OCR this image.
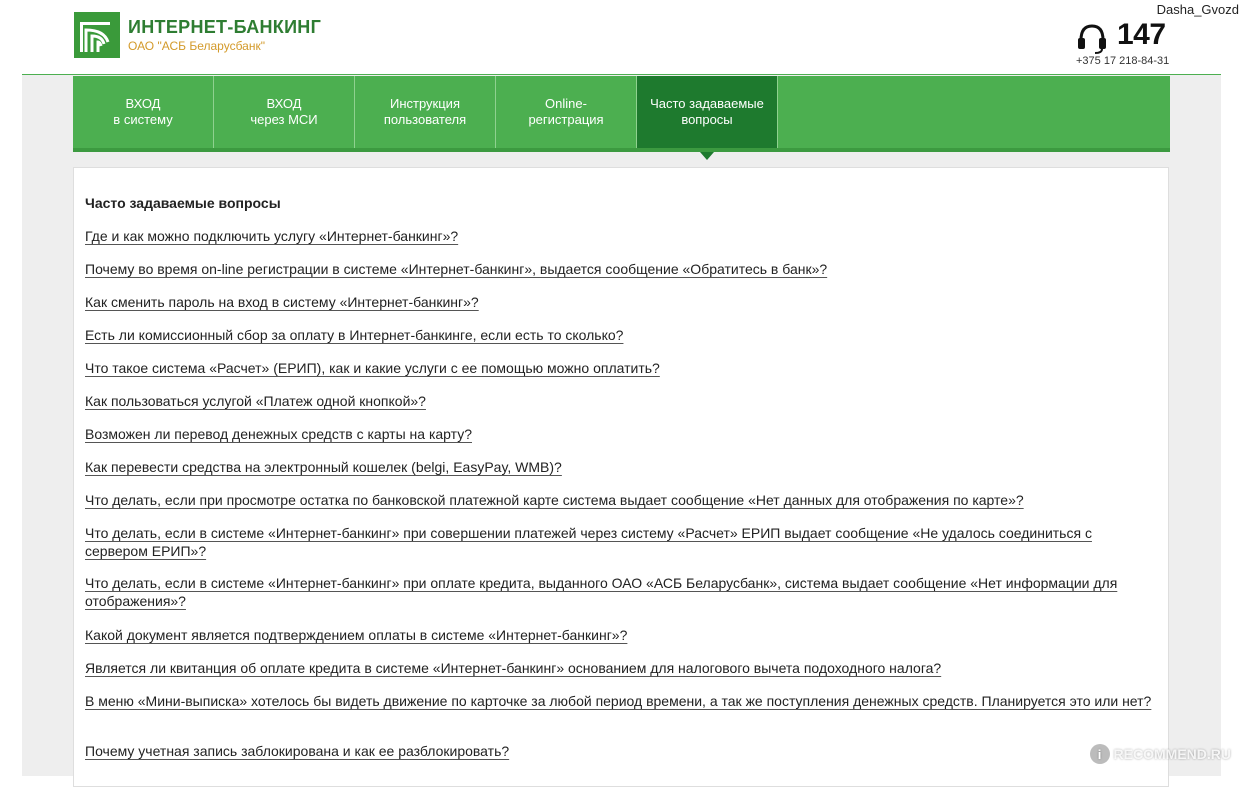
ИНТЕРНЕТ-БАНКИНГ
ОАО "АСБ Беларусбанк"
Dasha_Gvozd
147
+375 17 218-84-31
ВХОД
в систему
ВХОД
через МСИ
Инструкция
пользователя
Online-
регистрация
Часто задаваемые
вопросы
Часто задаваемые вопросы
Где и как можно подключить услугу «Интернет-банкинг»?
Почему во время on-line регистрации в системе «Интернет-банкинг», выдается сообщение «Обратитесь в банк»?
Как сменить пароль на вход в систему «Интернет-банкинг»?
Есть ли комиссионный сбор за оплату в Интернет-банкинге, если есть то сколько?
Что такое система «Расчет» (ЕРИП), как и какие услуги с ее помощью можно оплатить?
Как пользоваться услугой «Платеж одной кнопкой»?
Возможен ли перевод денежных средств с карты на карту?
Как перевести средства на электронный кошелек (belgi, EasyPay, WMB)?
Что делать, если при просмотре остатка по банковской платежной карте система выдает сообщение «Нет данных для отображения по карте»?
Что делать, если в системе «Интернет-банкинг» при совершении платежей через систему «Расчет» ЕРИП выдает сообщение «Не удалось соединиться с сервером ЕРИП»?
Что делать, если в системе «Интернет-банкинг» при оплате кредита, выданного ОАО «АСБ Беларусбанк», система выдает сообщение «Нет информации для отображения»?
Какой документ является подтверждением оплаты в системе «Интернет-банкинг»?
Является ли квитанция об оплате кредита в системе «Интернет-банкинг» основанием для налогового вычета подоходного налога?
В меню «Мини-выписка» хотелось бы видеть движение по карточке за любой период времени, а так же поступления денежных средств. Планируется это или нет?
Почему учетная запись заблокирована и как ее разблокировать?	i RECOMMEND.RU
